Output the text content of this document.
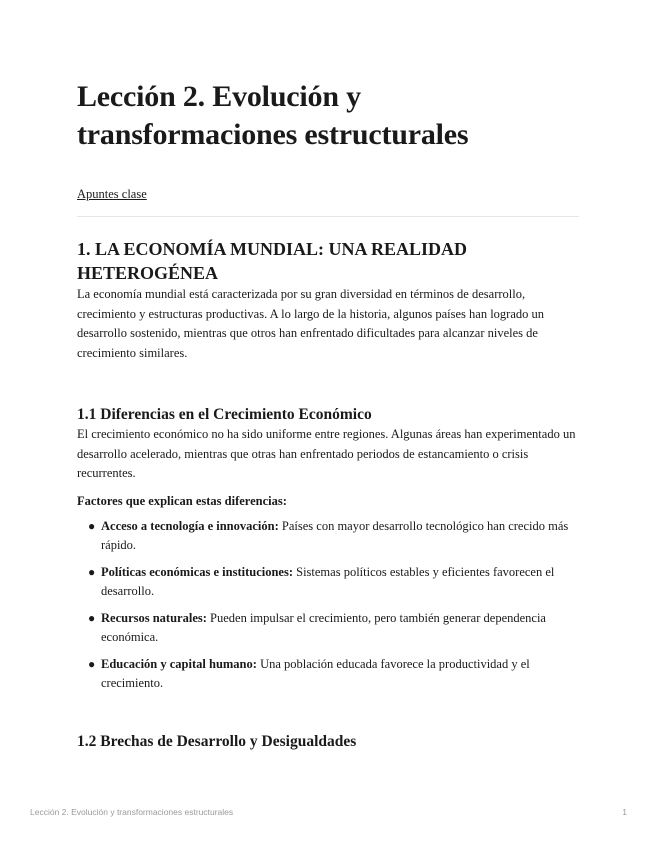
Lección 2. Evolución y transformaciones estructurales
Apuntes clase
1. LA ECONOMÍA MUNDIAL: UNA REALIDAD HETEROGÉNEA

La economía mundial está caracterizada por su gran diversidad en términos de desarrollo, crecimiento y estructuras productivas. A lo largo de la historia, algunos países han logrado un desarrollo sostenido, mientras que otros han enfrentado dificultades para alcanzar niveles de crecimiento similares.

1.1 Diferencias en el Crecimiento Económico

El crecimiento económico no ha sido uniforme entre regiones. Algunas áreas han experimentado un desarrollo acelerado, mientras que otras han enfrentado periodos de estancamiento o crisis recurrentes.

Factores que explican estas diferencias:
● Acceso a tecnología e innovación: Países con mayor desarrollo tecnológico han crecido más rápido.
● Políticas económicas e instituciones: Sistemas políticos estables y eficientes favorecen el desarrollo.
● Recursos naturales: Pueden impulsar el crecimiento, pero también generar dependencia económica.
● Educación y capital humano: Una población educada favorece la productividad y el crecimiento.
1.2 Brechas de Desarrollo y Desigualdades
Lección 2. Evolución y transformaciones estructurales	1
